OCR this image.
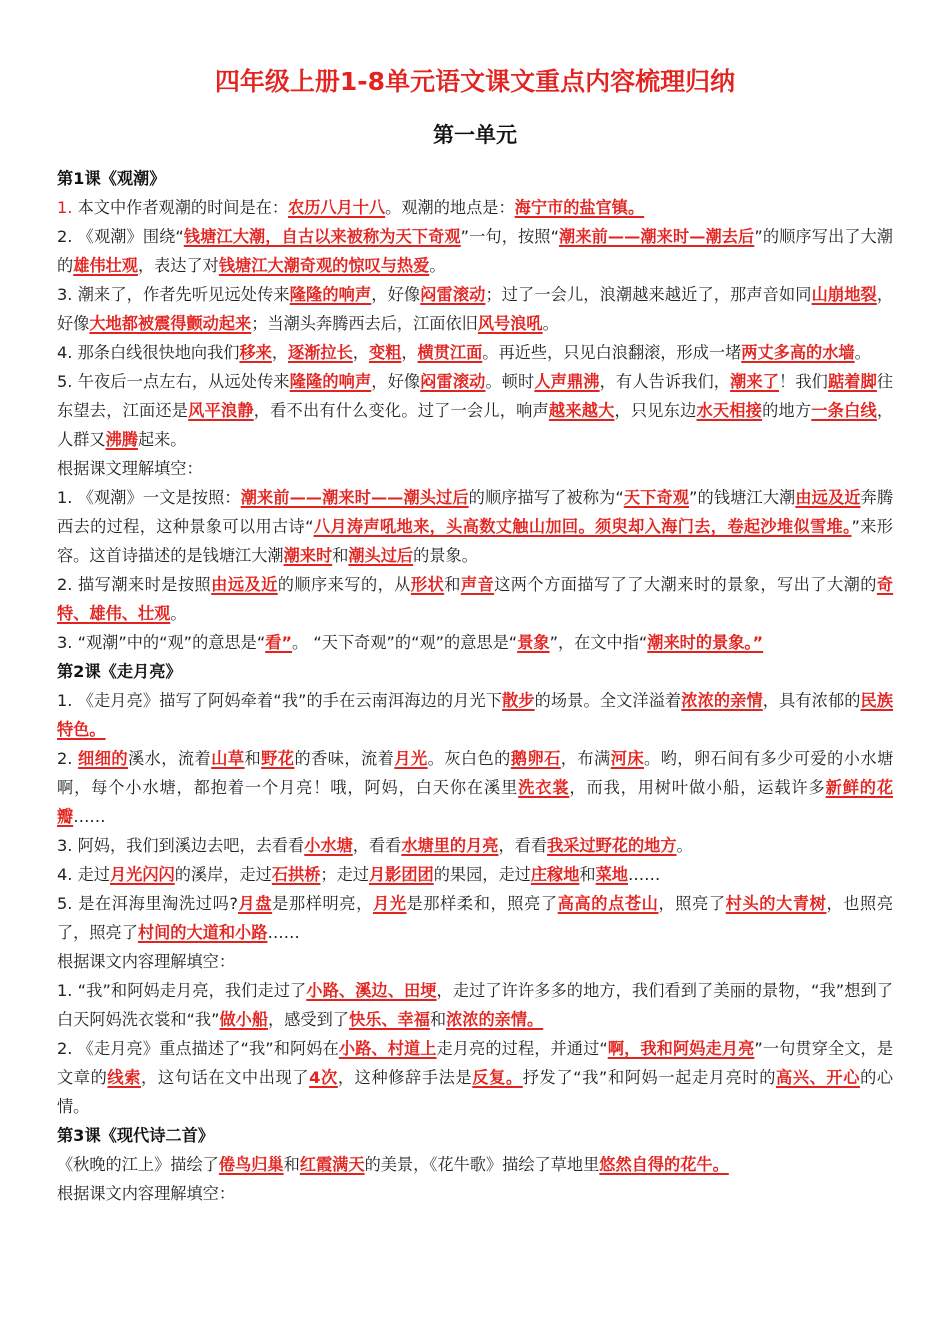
四年级上册1-8单元语文课文重点内容梳理归纳
第一单元
第1课《观潮》
1. 本文中作者观潮的时间是在：农历八月十八。观潮的地点是：海宁市的盐官镇。
2. 《观潮》围绕“钱塘江大潮，自古以来被称为天下奇观”一句，按照“潮来前——潮来时—潮去后”的顺序写出了大潮的雄伟壮观，表达了对钱塘江大潮奇观的惊叹与热爱。
3. 潮来了，作者先听见远处传来隆隆的响声，好像闷雷滚动；过了一会儿，浪潮越来越近了，那声音如同山崩地裂，好像大地都被震得颤动起来；当潮头奔腾西去后，江面依旧风号浪吼。
4. 那条白线很快地向我们移来，逐渐拉长，变粗，横贯江面。再近些，只见白浪翻滚，形成一堵两丈多高的水墙。
5. 午夜后一点左右，从远处传来隆隆的响声，好像闷雷滚动。顿时人声鼎沸，有人告诉我们，潮来了！我们踮着脚往东望去，江面还是风平浪静，看不出有什么变化。过了一会儿，响声越来越大，只见东边水天相接的地方一条白线，人群又沸腾起来。
根据课文理解填空：
1. 《观潮》一文是按照：潮来前——潮来时——潮头过后的顺序描写了被称为“天下奇观”的钱塘江大潮由远及近奔腾西去的过程，这种景象可以用古诗“八月涛声吼地来，头高数丈触山加回。须臾却入海门去，卷起沙堆似雪堆。”来形容。这首诗描述的是钱塘江大潮潮来时和潮头过后的景象。
2. 描写潮来时是按照由远及近的顺序来写的，从形状和声音这两个方面描写了了大潮来时的景象，写出了大潮的奇特、雄伟、壮观。
3. “观潮”中的“观”的意思是“看”。 “天下奇观”的“观”的意思是“景象”，在文中指“潮来时的景象。”
第2课《走月亮》
1. 《走月亮》描写了阿妈牵着“我”的手在云南洱海边的月光下散步的场景。全文洋溢着浓浓的亲情，具有浓郁的民族特色。
2. 细细的溪水，流着山草和野花的香味，流着月光。灰白色的鹅卵石，布满河床。哟，卵石间有多少可爱的小水塘啊，每个小水塘，都抱着一个月亮！哦，阿妈，白天你在溪里洗衣裳，而我，用树叶做小船，运载许多新鲜的花瓣……
3. 阿妈，我们到溪边去吧，去看看小水塘，看看水塘里的月亮，看看我采过野花的地方。
4. 走过月光闪闪的溪岸，走过石拱桥；走过月影团团的果园，走过庄稼地和菜地……
5. 是在洱海里淘洗过吗?月盘是那样明亮，月光是那样柔和，照亮了高高的点苍山，照亮了村头的大青树，也照亮了，照亮了村间的大道和小路……
根据课文内容理解填空：
1. “我”和阿妈走月亮，我们走过了小路、溪边、田埂，走过了许许多多的地方，我们看到了美丽的景物，“我”想到了白天阿妈洗衣裳和“我”做小船，感受到了快乐、幸福和浓浓的亲情。
2. 《走月亮》重点描述了“我”和阿妈在小路、村道上走月亮的过程，并通过“啊，我和阿妈走月亮”一句贯穿全文，是文章的线索，这句话在文中出现了4次，这种修辞手法是反复。抒发了“我”和阿妈一起走月亮时的高兴、开心的心情。
第3课《现代诗二首》
《秋晚的江上》描绘了倦鸟归巢和红霞满天的美景，《花牛歌》描绘了草地里悠然自得的花牛。
根据课文内容理解填空：
